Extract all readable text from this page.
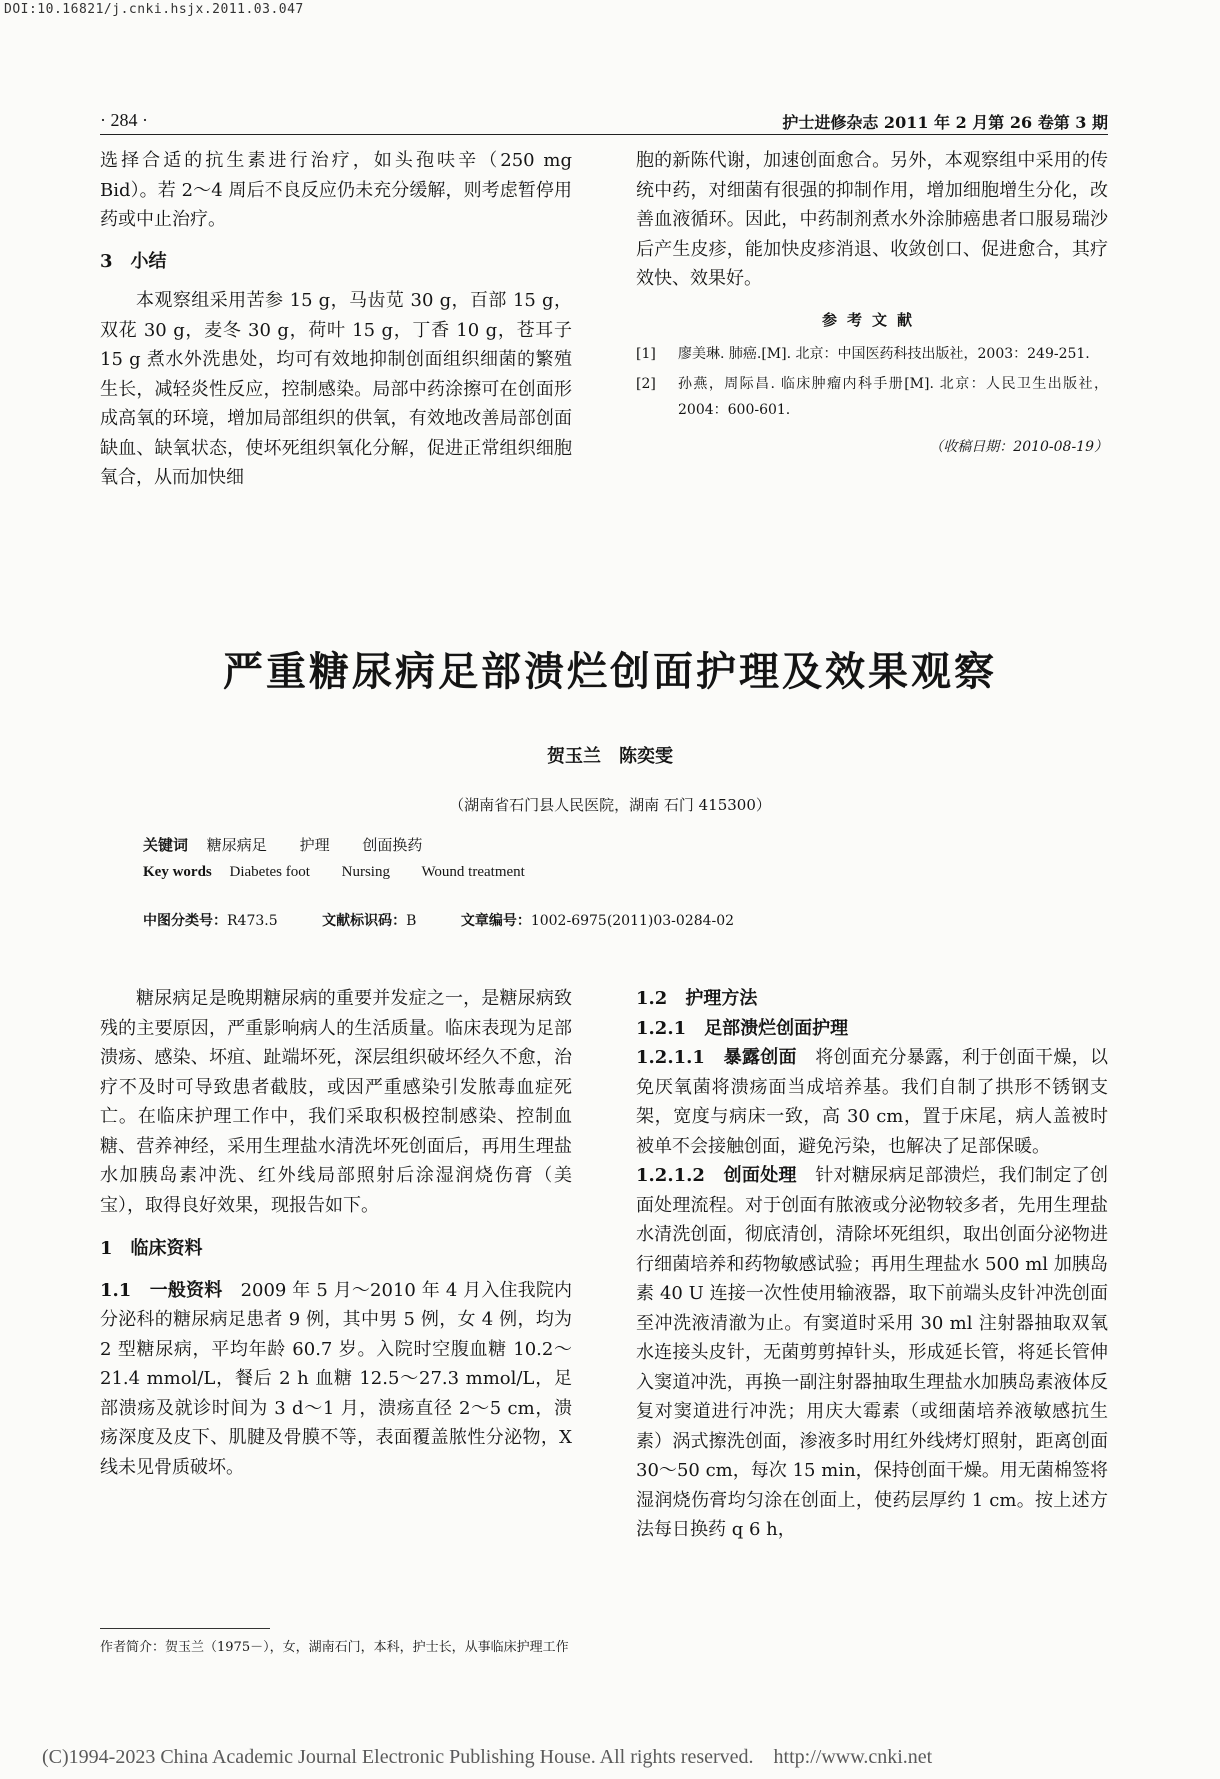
DOI:10.16821/j.cnki.hsjx.2011.03.047
· 284 ·	护士进修杂志 2011 年 2 月第 26 卷第 3 期

选择合适的抗生素进行治疗，如头孢呋辛（250 mg Bid）。若 2～4 周后不良反应仍未充分缓解，则考虑暂停用药或中止治疗。

3　小结

本观察组采用苦参 15 g，马齿苋 30 g，百部 15 g，双花 30 g，麦冬 30 g，荷叶 15 g，丁香 10 g，苍耳子 15 g 煮水外洗患处，均可有效地抑制创面组织细菌的繁殖生长，减轻炎性反应，控制感染。局部中药涂擦可在创面形成高氧的环境，增加局部组织的供氧，有效地改善局部创面缺血、缺氧状态，使坏死组织氧化分解，促进正常组织细胞氧合，从而加快细

胞的新陈代谢，加速创面愈合。另外，本观察组中采用的传统中药，对细菌有很强的抑制作用，增加细胞增生分化，改善血液循环。因此，中药制剂煮水外涂肺癌患者口服易瑞沙后产生皮疹，能加快皮疹消退、收敛创口、促进愈合，其疗效快、效果好。

参考文献

[1]	廖美琳. 肺癌.[M]. 北京：中国医药科技出版社，2003：249-251.
[2]	孙燕，周际昌. 临床肿瘤内科手册[M]. 北京：人民卫生出版社，2004：600-601.

（收稿日期：2010-08-19）

严重糖尿病足部溃烂创面护理及效果观察
贺玉兰　陈奕雯
（湖南省石门县人民医院，湖南 石门 415300）
关键词 糖尿病足 护理 创面换药
Key words Diabetes foot Nursing Wound treatment
中图分类号：R473.5	文献标识码：B	文章编号：1002-6975(2011)03-0284-02

糖尿病足是晚期糖尿病的重要并发症之一，是糖尿病致残的主要原因，严重影响病人的生活质量。临床表现为足部溃疡、感染、坏疽、趾端坏死，深层组织破坏经久不愈，治疗不及时可导致患者截肢，或因严重感染引发脓毒血症死亡。在临床护理工作中，我们采取积极控制感染、控制血糖、营养神经，采用生理盐水清洗坏死创面后，再用生理盐水加胰岛素冲洗、红外线局部照射后涂湿润烧伤膏（美宝），取得良好效果，现报告如下。

1　临床资料

1.1　 一般资料　 2009 年 5 月～2010 年 4 月入住我院内分泌科的糖尿病足患者 9 例，其中男 5 例，女 4 例，均为 2 型糖尿病，平均年龄 60.7 岁。入院时空腹血糖 10.2～21.4 mmol/L，餐后 2 h 血糖 12.5～27.3 mmol/L，足部溃疡及就诊时间为 3 d～1 月，溃疡直径 2～5 cm，溃疡深度及皮下、肌腱及骨膜不等，表面覆盖脓性分泌物，X 线未见骨质破坏。

作者简介：贺玉兰（1975－），女，湖南石门，本科，护士长，从事临床护理工作

1.2　护理方法

1.2.1　足部溃烂创面护理

1.2.1.1　 暴露创面　 将创面充分暴露，利于创面干燥，以免厌氧菌将溃疡面当成培养基。我们自制了拱形不锈钢支架，宽度与病床一致，高 30 cm，置于床尾，病人盖被时被单不会接触创面，避免污染，也解决了足部保暖。

1.2.1.2　 创面处理　 针对糖尿病足部溃烂，我们制定了创面处理流程。对于创面有脓液或分泌物较多者，先用生理盐水清洗创面，彻底清创，清除坏死组织，取出创面分泌物进行细菌培养和药物敏感试验；再用生理盐水 500 ml 加胰岛素 40 U 连接一次性使用输液器，取下前端头皮针冲洗创面至冲洗液清澈为止。有窦道时采用 30 ml 注射器抽取双氧水连接头皮针，无菌剪剪掉针头，形成延长管，将延长管伸入窦道冲洗，再换一副注射器抽取生理盐水加胰岛素液体反复对窦道进行冲洗；用庆大霉素（或细菌培养液敏感抗生素）涡式擦洗创面，渗液多时用红外线烤灯照射，距离创面 30～50 cm，每次 15 min，保持创面干燥。用无菌棉签将湿润烧伤膏均匀涂在创面上，使药层厚约 1 cm。按上述方法每日换药 q 6 h，

(C)1994-2023 China Academic Journal Electronic Publishing House. All rights reserved.　http://www.cnki.net
